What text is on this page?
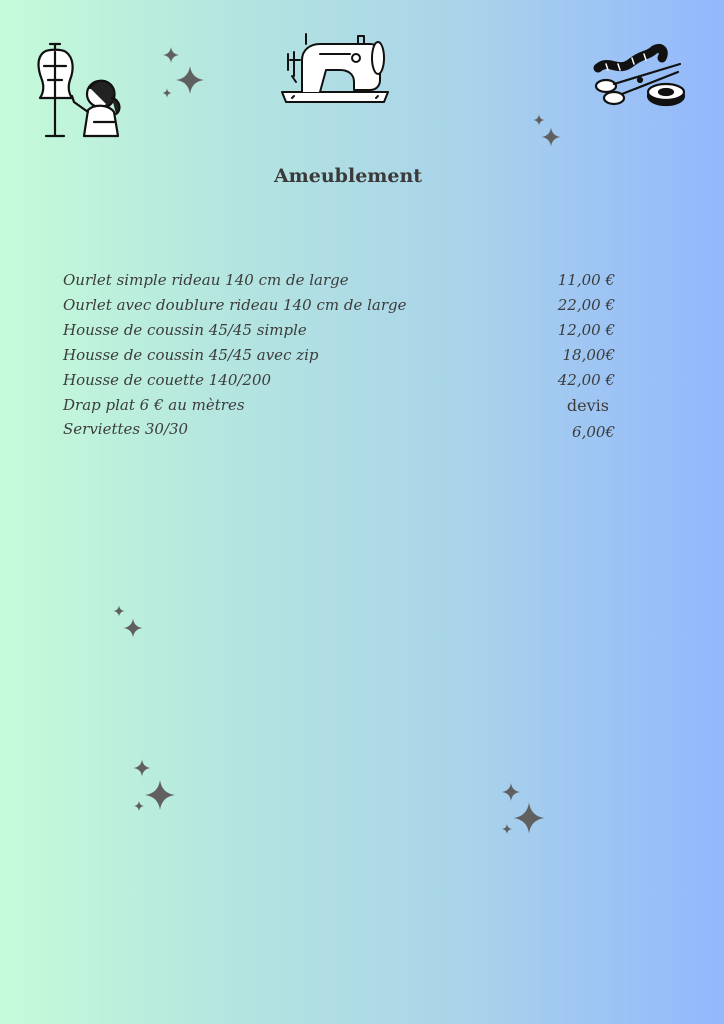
Ameublement
Ourlet simple rideau 140 cm de large	11,00 €
Ourlet avec doublure rideau 140 cm de large	22,00 €
Housse de coussin 45/45 simple	12,00 €
Housse de coussin 45/45 avec zip	18,00€
Housse de couette 140/200	42,00 €
Drap plat 6 € au mètres	devis
Serviettes 30/30	6,00€
